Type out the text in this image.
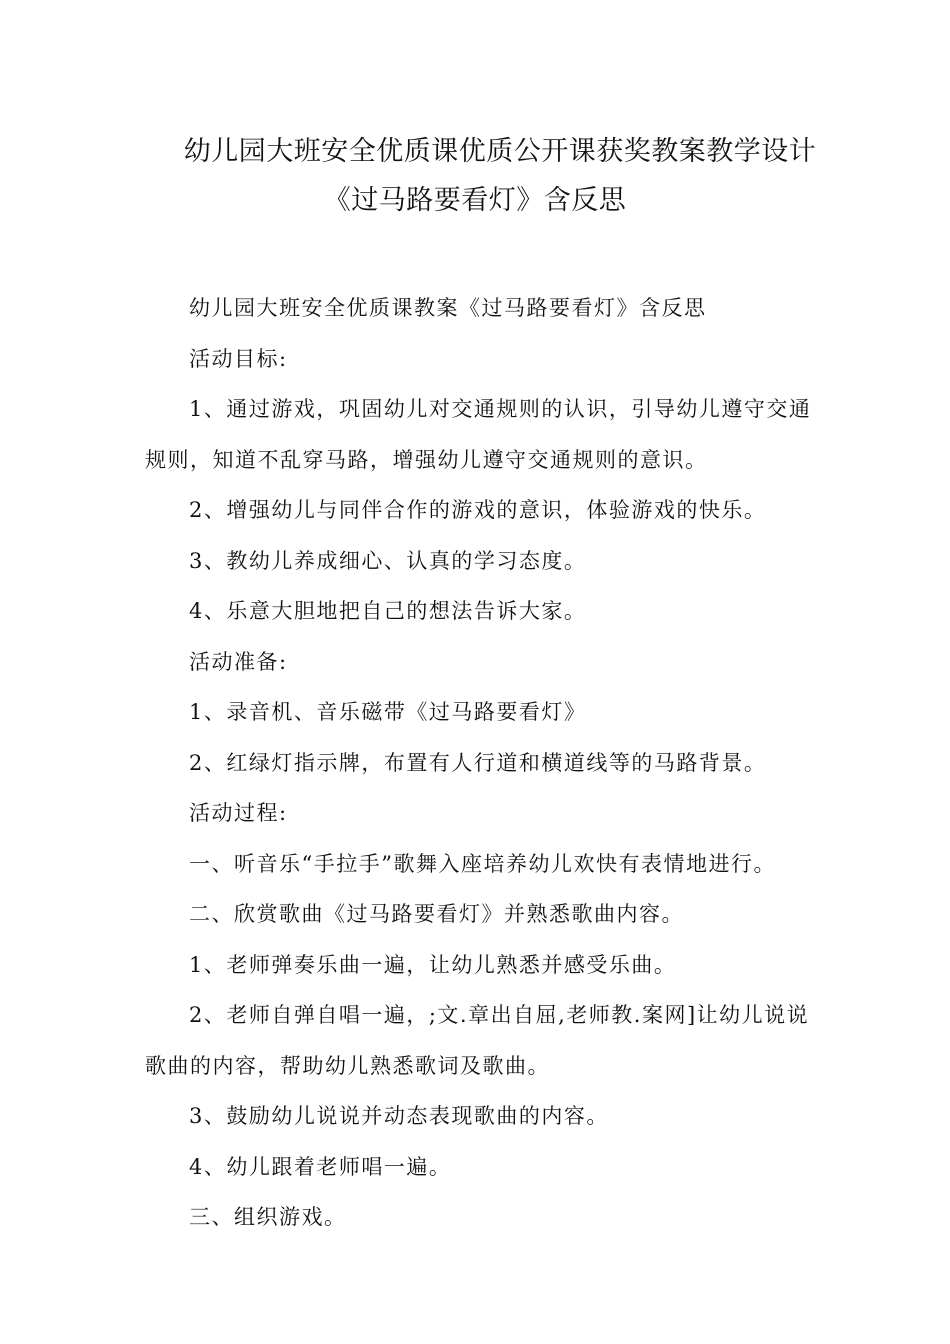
幼儿园大班安全优质课优质公开课获奖教案教学设计
《过马路要看灯》含反思

幼儿园大班安全优质课教案《过马路要看灯》含反思

活动目标:

1、通过游戏，巩固幼儿对交通规则的认识，引导幼儿遵守交通规则，知道不乱穿马路，增强幼儿遵守交通规则的意识。

2、增强幼儿与同伴合作的游戏的意识，体验游戏的快乐。

3、教幼儿养成细心、认真的学习态度。

4、乐意大胆地把自己的想法告诉大家。

活动准备:

1、录音机、音乐磁带《过马路要看灯》

2、红绿灯指示牌，布置有人行道和横道线等的马路背景。

活动过程:

一、听音乐“手拉手”歌舞入座培养幼儿欢快有表情地进行。

二、欣赏歌曲《过马路要看灯》并熟悉歌曲内容。

1、老师弹奏乐曲一遍，让幼儿熟悉并感受乐曲。

2、老师自弹自唱一遍，;文.章出自屈,老师教.案网]让幼儿说说歌曲的内容，帮助幼儿熟悉歌词及歌曲。

3、鼓励幼儿说说并动态表现歌曲的内容。

4、幼儿跟着老师唱一遍。

三、组织游戏。
